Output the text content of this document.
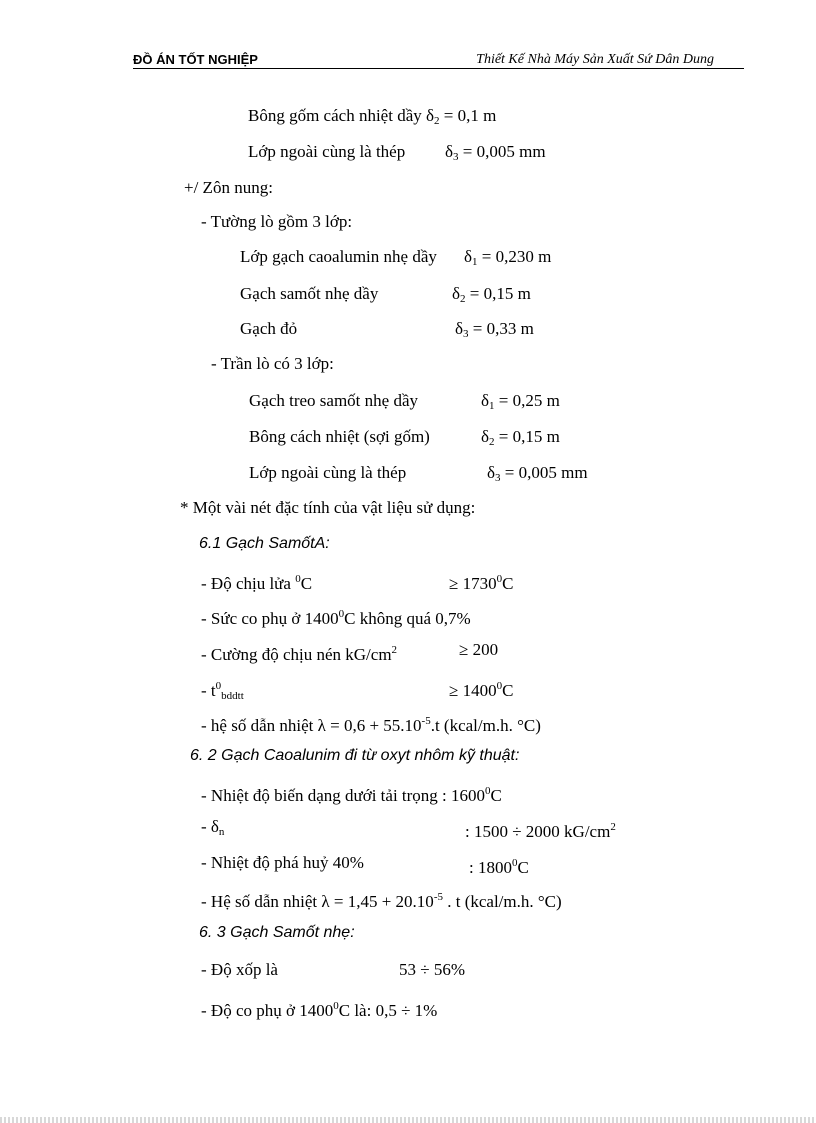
ĐỒ ÁN TỐT NGHIỆP	Thiết Kế Nhà Máy Sản Xuất Sứ Dân Dung
Bông gốm cách nhiệt dầy $\delta_2 = 0,1$ m
Lớp ngoài cùng là thép $\delta_3 = 0,005$ mm
+/ Zôn nung:
- Tường lò gồm 3 lớp:
Lớp gạch caoalumin nhẹ dầy $\delta_1 = 0,230$ m
Gạch samốt nhẹ dầy	$\delta_2 = 0,15$ m
Gạch đỏ	$\delta_3 = 0,33$ m
- Trần lò có 3 lớp:
Gạch treo samốt nhẹ dầy	$\delta_1 = 0,25$ m
Bông cách nhiệt (sợi gốm)	$\delta_2 = 0,15$ m
Lớp ngoài cùng là thép	$\delta_3 = 0,005$ mm
* Một vài nét đặc tính của vật liệu sử dụng:
6.1 Gạch SamốtA:
- Độ chịu lửa $^0$C	≥ $1730^0C$
- Sức co phụ ở 1400$^0$C không quá 0,7%
- Cường độ chịu nén $kG/cm^2$	≥ 200
- $t^0_{bddtt}$	≥ $1400^0C$
- hệ số dẫn nhiệt $\lambda = 0,6 + 55.10^{-5}.t$ (kcal/m.h. °C)
6. 2 Gạch Caoalunim đi từ oxyt nhôm kỹ thuật:
- Nhiệt độ biến dạng dưới tải trọng : 1600$^0$C
- $\delta_n$	: 1500 ÷ 2000 $kG/cm^2$
- Nhiệt độ phá huỷ 40%	: 1800$^0$C
- Hệ số dẫn nhiệt $\lambda = 1,45 + 20.10^{-5}$ . t (kcal/m.h. °C)
6. 3 Gạch Samốt nhẹ:
- Độ xốp là	53 ÷ 56%
- Độ co phụ ở 1400$^0$C là: 0,5 ÷ 1%
